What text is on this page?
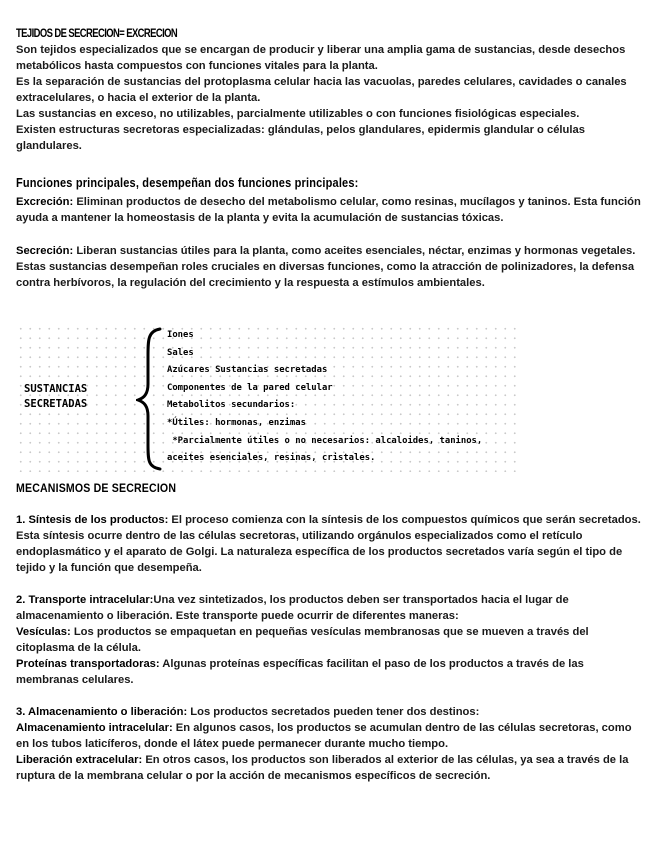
TEJIDOS DE SECRECION= EXCRECION

Son tejidos especializados que se encargan de producir y liberar una amplia gama de sustancias, desde desechos metabólicos hasta compuestos con funciones vitales para la planta.

Es la separación de sustancias del protoplasma celular hacia las vacuolas, paredes celulares, cavidades o canales extracelulares, o hacia el exterior de la planta.

Las sustancias en exceso, no utilizables, parcialmente utilizables o con funciones fisiológicas especiales.

Existen estructuras secretoras especializadas: glándulas, pelos glandulares, epidermis glandular o células glandulares.

Funciones principales, desempeñan dos funciones principales:

Excreción: Eliminan productos de desecho del metabolismo celular, como resinas, mucílagos y taninos. Esta función ayuda a mantener la homeostasis de la planta y evita la acumulación de sustancias tóxicas.

Secreción: Liberan sustancias útiles para la planta, como aceites esenciales, néctar, enzimas y hormonas vegetales. Estas sustancias desempeñan roles cruciales en diversas funciones, como la atracción de polinizadores, la defensa contra herbívoros, la regulación del crecimiento y la respuesta a estímulos ambientales.

SUSTANCIAS
SECRETADAS
Iones
Sales
Azúcares Sustancias secretadas
Componentes de la pared celular
Metabolitos secundarios:
*Útiles: hormonas, enzimas
*Parcialmente útiles o no necesarios: alcaloides, taninos,
aceites esenciales, resinas, cristales.
MECANISMOS DE SECRECION

1. Síntesis de los productos: El proceso comienza con la síntesis de los compuestos químicos que serán secretados. Esta síntesis ocurre dentro de las células secretoras, utilizando orgánulos especializados como el retículo endoplasmático y el aparato de Golgi. La naturaleza específica de los productos secretados varía según el tipo de tejido y la función que desempeña.

2. Transporte intracelular:Una vez sintetizados, los productos deben ser transportados hacia el lugar de almacenamiento o liberación. Este transporte puede ocurrir de diferentes maneras:

Vesículas: Los productos se empaquetan en pequeñas vesículas membranosas que se mueven a través del citoplasma de la célula.

Proteínas transportadoras: Algunas proteínas específicas facilitan el paso de los productos a través de las membranas celulares.

3. Almacenamiento o liberación: Los productos secretados pueden tener dos destinos:

Almacenamiento intracelular: En algunos casos, los productos se acumulan dentro de las células secretoras, como en los tubos laticíferos, donde el látex puede permanecer durante mucho tiempo.

Liberación extracelular: En otros casos, los productos son liberados al exterior de las células, ya sea a través de la ruptura de la membrana celular o por la acción de mecanismos específicos de secreción.
